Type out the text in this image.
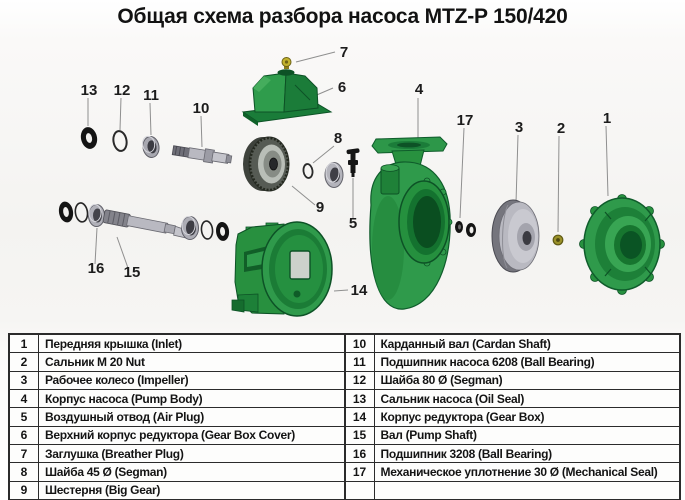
Общая схема разбора насоса MTZ-P 150/420
13 12 11
10
7
6	4
17	3 2
1
8
9
5
16 15
14
1	Передняя крышка (Inlet)
2	Сальник M 20 Nut
3	Рабочее колесо (Impeller)
4	Корпус насоса (Pump Body)
5	Воздушный отвод (Air Plug)
6	Верхний корпус редуктора (Gear Box Cover)
7	Заглушка (Breather Plug)
8	Шайба 45 Ø (Segman)
9	Шестерня (Big Gear)
10	Карданный вал (Cardan Shaft)
11	Подшипник насоса 6208 (Ball Bearing)
12	Шайба 80 Ø (Segman)
13	Сальник насоса (Oil Seal)
14	Корпус редуктора (Gear Box)
15	Вал (Pump Shaft)
16	Подшипник 3208 (Ball Bearing)
17	Механическое уплотнение 30 Ø (Mechanical Seal)
